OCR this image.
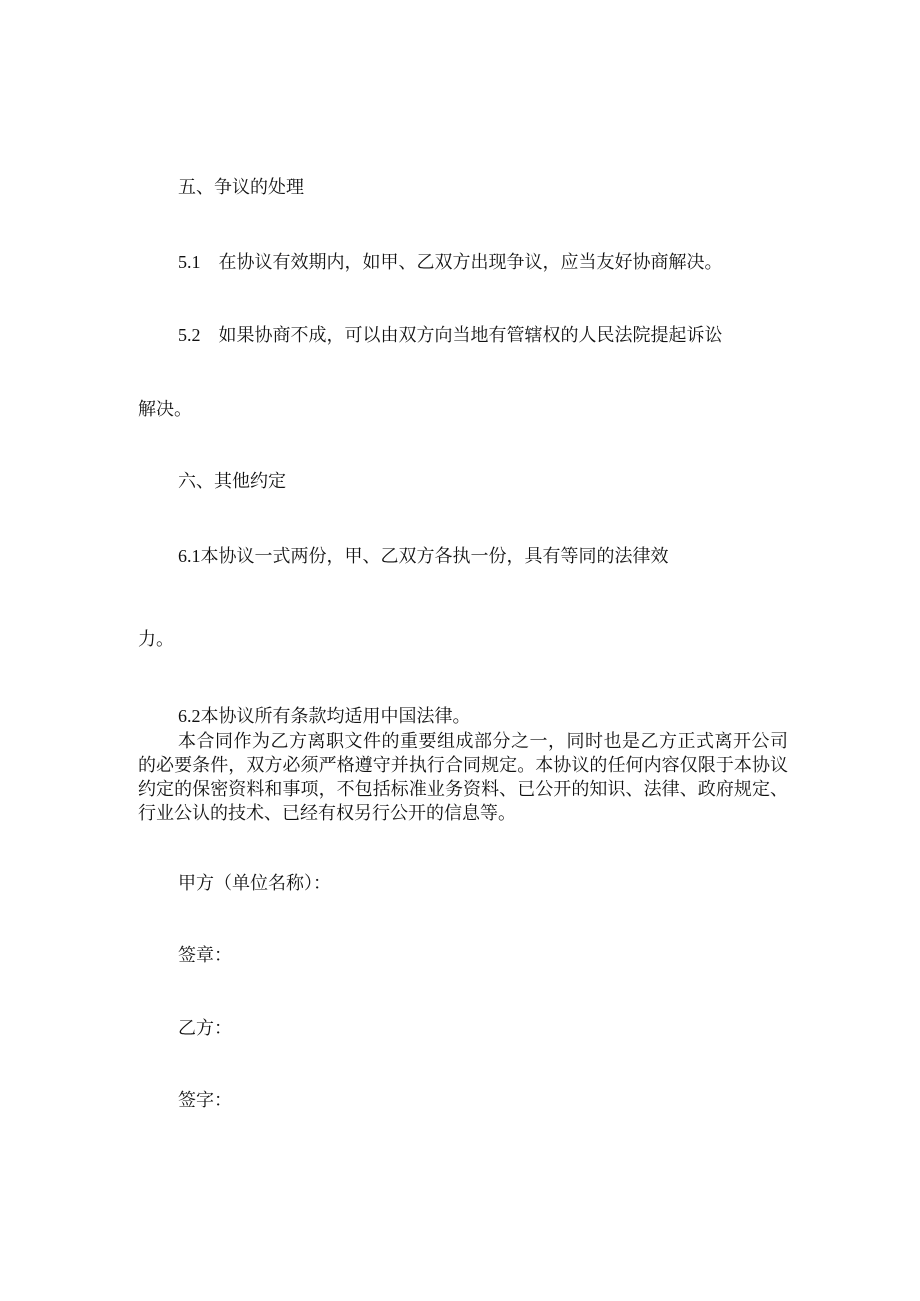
五、争议的处理

5.1 在协议有效期内，如甲、乙双方出现争议，应当友好协商解决。

5.2 如果协商不成，可以由双方向当地有管辖权的人民法院提起诉讼

解决。

六、其他约定

6.1本协议一式两份，甲、乙双方各执一份，具有等同的法律效

力。

6.2本协议所有条款均适用中国法律。

本合同作为乙方离职文件的重要组成部分之一，同时也是乙方正式离开公司的必要条件，双方必须严格遵守并执行合同规定。本协议的任何内容仅限于本协议约定的保密资料和事项，不包括标准业务资料、已公开的知识、法律、政府规定、行业公认的技术、已经有权另行公开的信息等。

甲方（单位名称）：

签章：

乙方：

签字：
